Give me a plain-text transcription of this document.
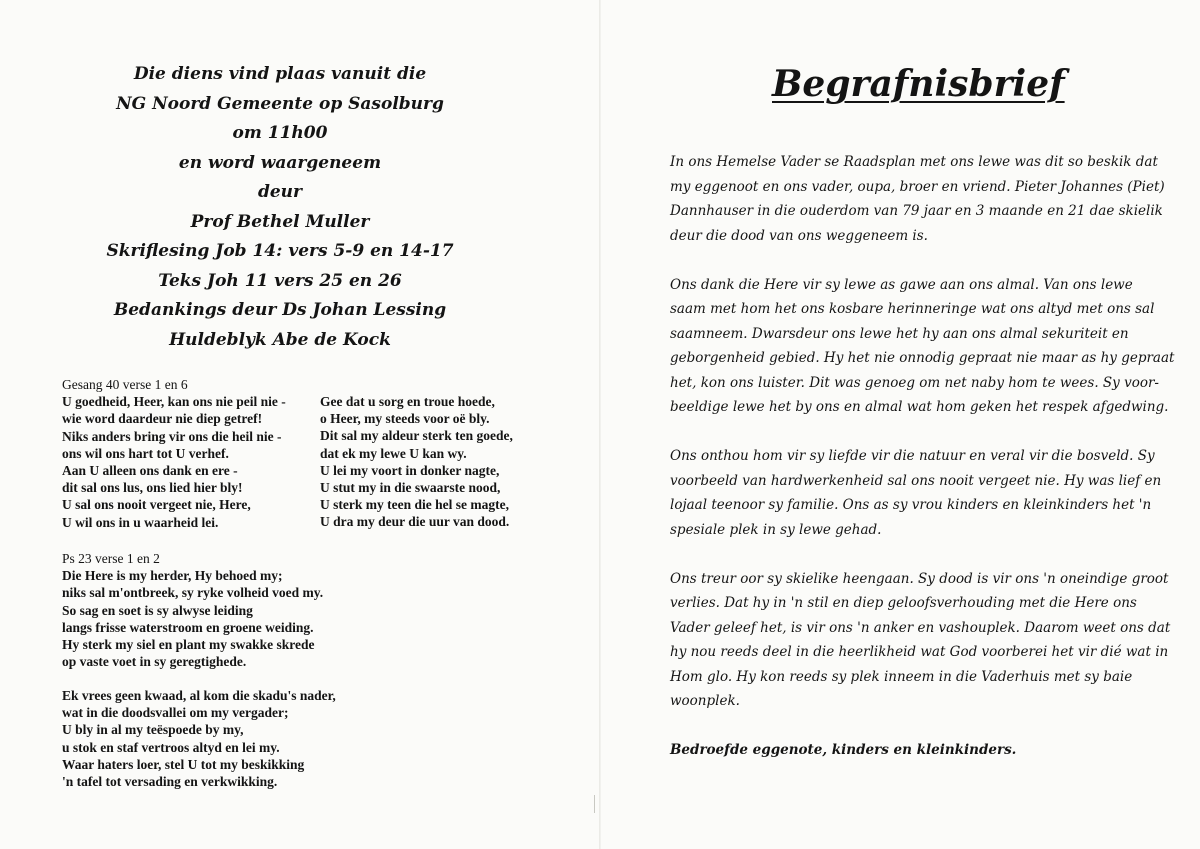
Die diens vind plaas vanuit die
NG Noord Gemeente op Sasolburg
om 11h00
en word waargeneem
deur
Prof Bethel Muller
Skriflesing Job 14: vers 5-9 en 14-17
Teks Joh 11 vers 25 en 26
Bedankings deur Ds Johan Lessing
Huldeblyk Abe de Kock
Gesang 40 verse 1 en 6
U goedheid, Heer, kan ons nie peil nie -
wie word daardeur nie diep getref!
Niks anders bring vir ons die heil nie -
ons wil ons hart tot U verhef.
Aan U alleen ons dank en ere -
dit sal ons lus, ons lied hier bly!
U sal ons nooit vergeet nie, Here,
U wil ons in u waarheid lei.
Gee dat u sorg en troue hoede,
o Heer, my steeds voor oë bly.
Dit sal my aldeur sterk ten goede,
dat ek my lewe U kan wy.
U lei my voort in donker nagte,
U stut my in die swaarste nood,
U sterk my teen die hel se magte,
U dra my deur die uur van dood.
Ps 23 verse 1 en 2
Die Here is my herder, Hy behoed my;
niks sal m'ontbreek, sy ryke volheid voed my.
So sag en soet is sy alwyse leiding
langs frisse waterstroom en groene weiding.
Hy sterk my siel en plant my swakke skrede
op vaste voet in sy geregtighede.
Ek vrees geen kwaad, al kom die skadu's nader,
wat in die doodsvallei om my vergader;
U bly in al my teëspoede by my,
u stok en staf vertroos altyd en lei my.
Waar haters loer, stel U tot my beskikking
'n tafel tot versading en verkwikking.
Begrafnisbrief
In ons Hemelse Vader se Raadsplan met ons lewe was dit so beskik dat
my eggenoot en ons vader, oupa, broer en vriend. Pieter Johannes (Piet)
Dannhauser in die ouderdom van 79 jaar en 3 maande en 21 dae skielik
deur die dood van ons weggeneem is.
Ons dank die Here vir sy lewe as gawe aan ons almal. Van ons lewe
saam met hom het ons kosbare herinneringe wat ons altyd met ons sal
saamneem. Dwarsdeur ons lewe het hy aan ons almal sekuriteit en
geborgenheid gebied. Hy het nie onnodig gepraat nie maar as hy gepraat
het, kon ons luister. Dit was genoeg om net naby hom te wees. Sy voor-
beeldige lewe het by ons en almal wat hom geken het respek afgedwing.
Ons onthou hom vir sy liefde vir die natuur en veral vir die bosveld. Sy
voorbeeld van hardwerkenheid sal ons nooit vergeet nie. Hy was lief en
lojaal teenoor sy familie. Ons as sy vrou kinders en kleinkinders het 'n
spesiale plek in sy lewe gehad.
Ons treur oor sy skielike heengaan. Sy dood is vir ons 'n oneindige groot
verlies. Dat hy in 'n stil en diep geloofsverhouding met die Here ons
Vader geleef het, is vir ons 'n anker en vashouplek. Daarom weet ons dat
hy nou reeds deel in die heerlikheid wat God voorberei het vir dié wat in
Hom glo. Hy kon reeds sy plek inneem in die Vaderhuis met sy baie
woonplek.
Bedroefde eggenote, kinders en kleinkinders.
